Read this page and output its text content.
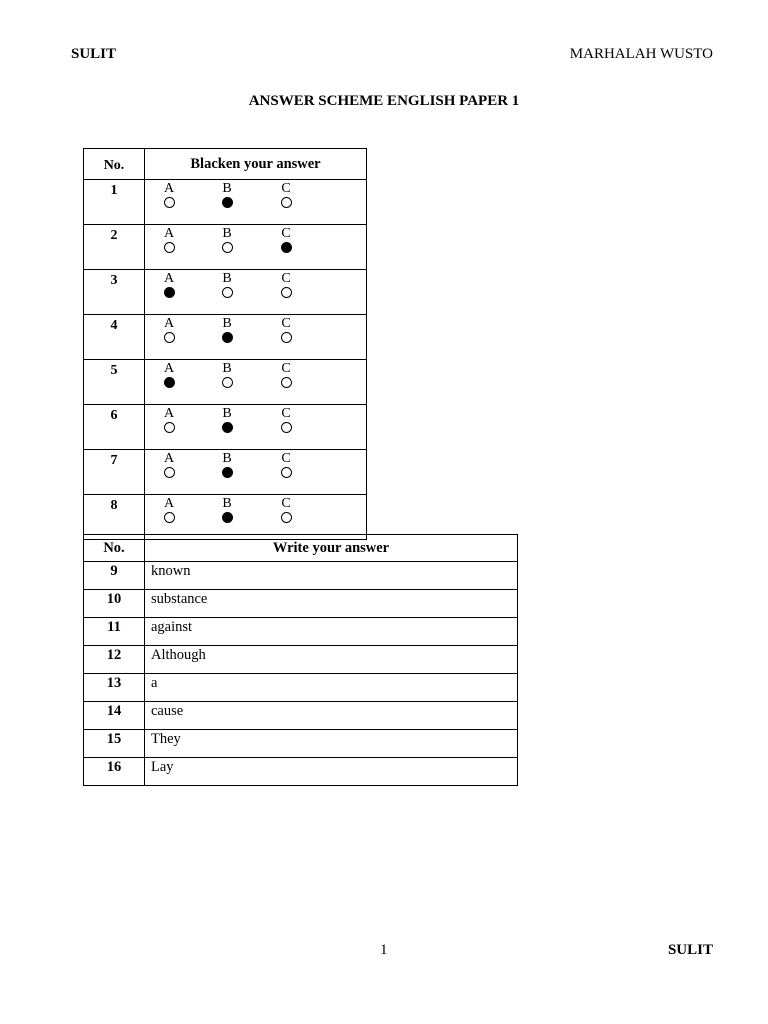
SULIT	MARHALAH WUSTO
ANSWER SCHEME ENGLISH PAPER 1
No.	Blacken your answer
1	A B C

2	A B C

3	A B C

4	A B C

5	A B C

6	A B C

7	A B C

8	A B C
No.	Write your answer
9	known
10	substance
11	against
12	Although
13	a
14	cause
15	They
16	Lay
1	SULIT
